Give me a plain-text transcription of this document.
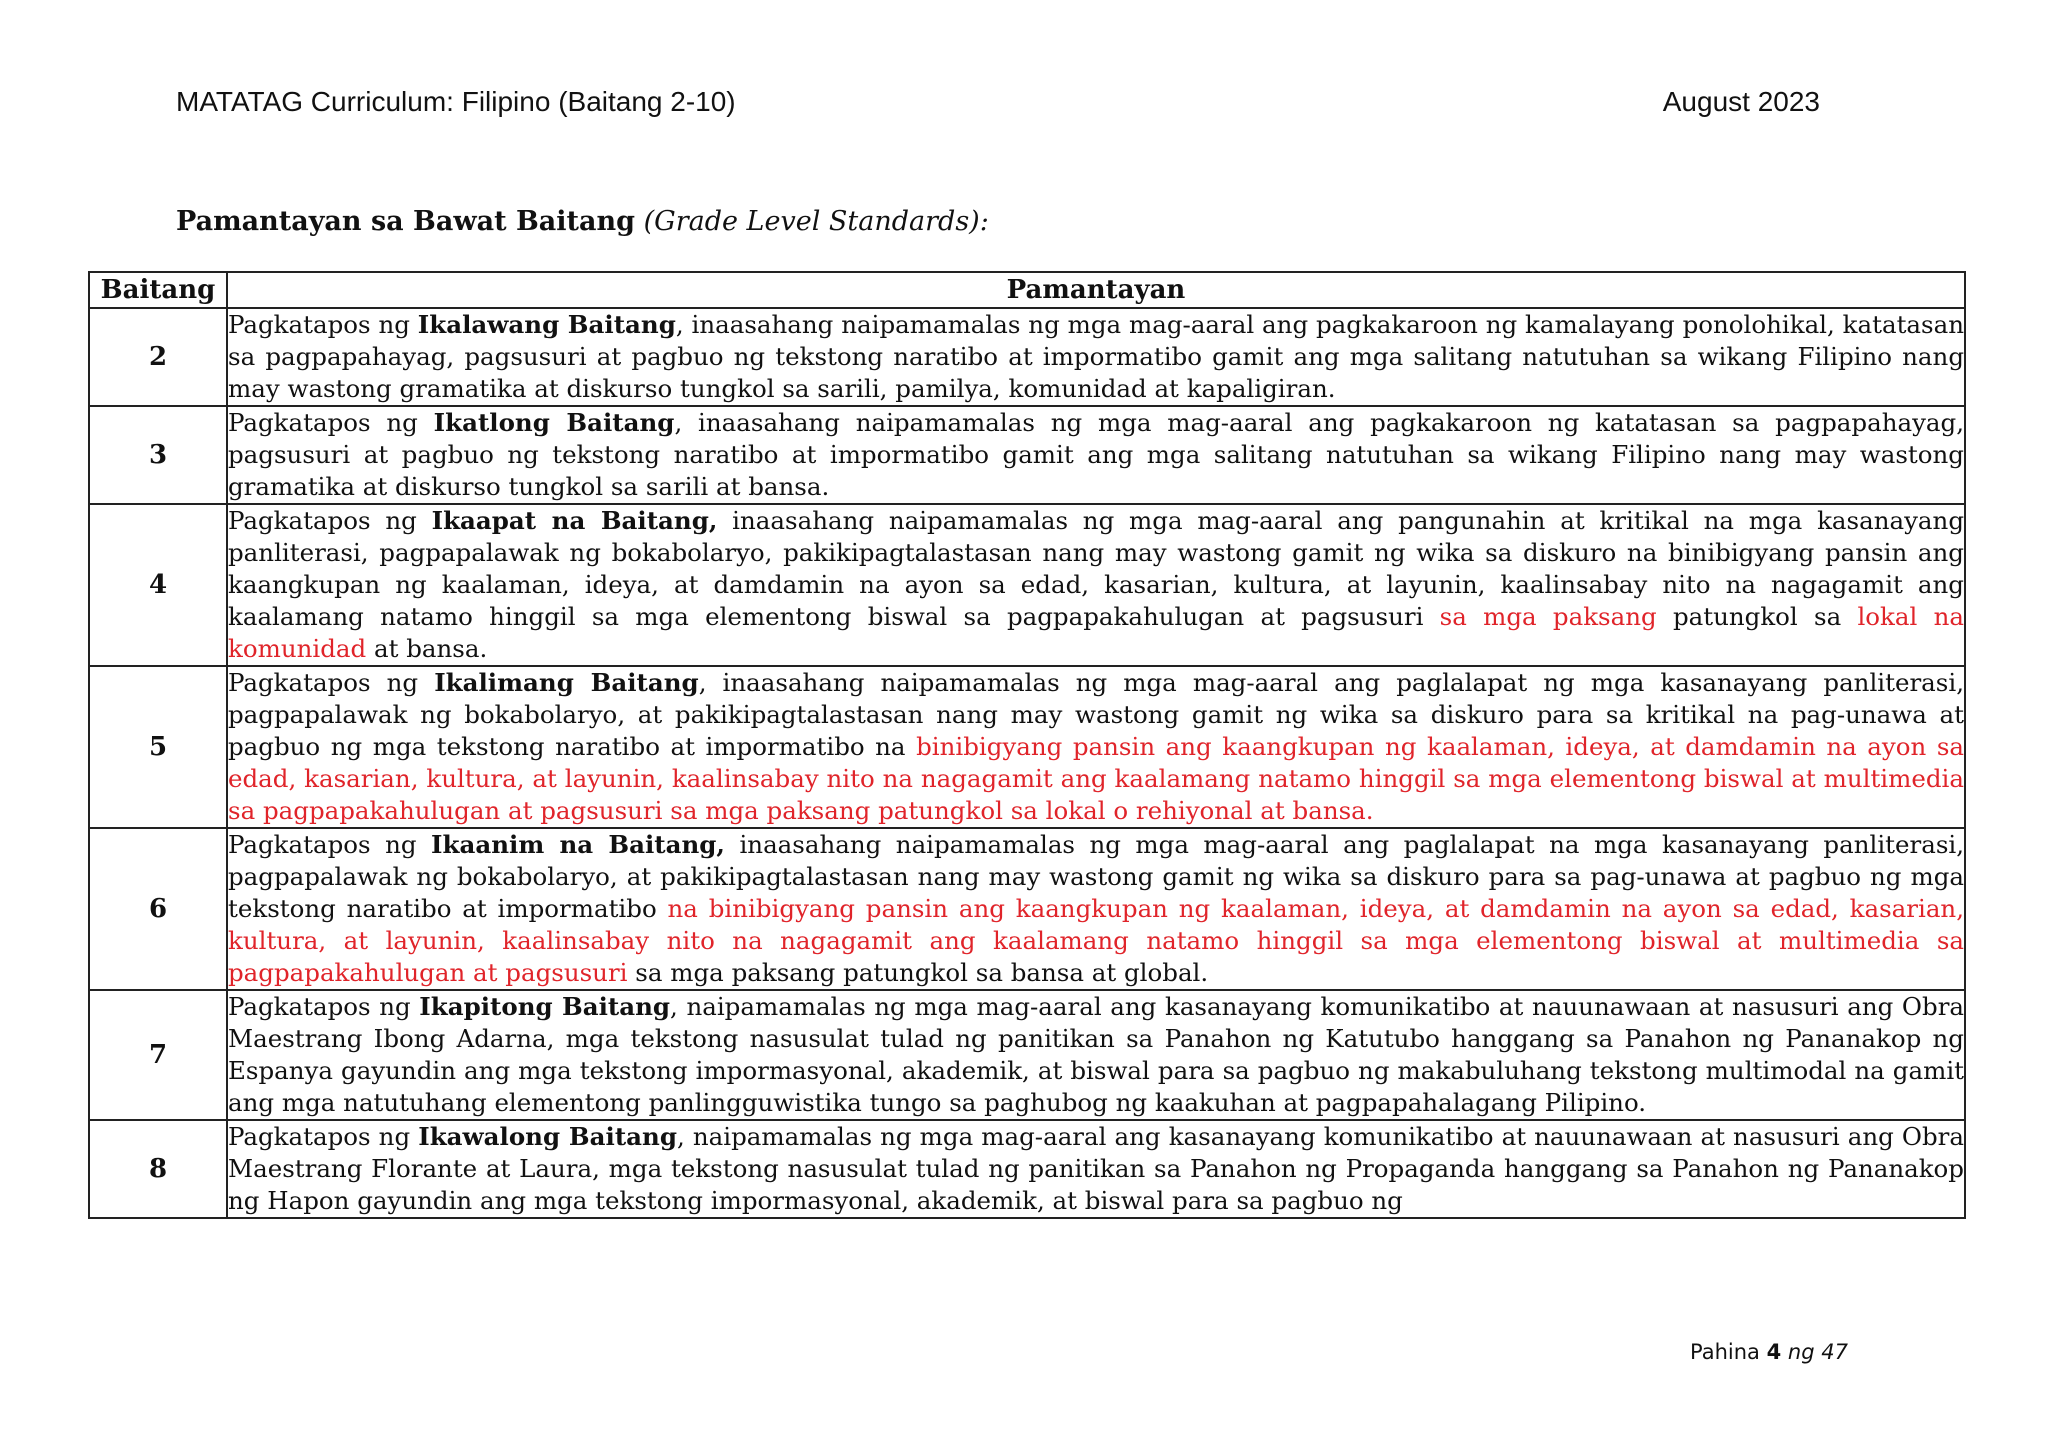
MATATAG Curriculum: Filipino (Baitang 2-10)	August 2023
Pamantayan sa Bawat Baitang (Grade Level Standards):
Baitang	Pamantayan
2	Pagkatapos ng Ikalawang Baitang, inaasahang naipamamalas ng mga mag-aaral ang pagkakaroon ng kamalayang ponolohikal, katatasan sa pagpapahayag, pagsusuri at pagbuo ng tekstong naratibo at impormatibo gamit ang mga salitang natutuhan sa wikang Filipino nang may wastong gramatika at diskurso tungkol sa sarili, pamilya, komunidad at kapaligiran.
3	Pagkatapos ng Ikatlong Baitang, inaasahang naipamamalas ng mga mag-aaral ang pagkakaroon ng katatasan sa pagpapahayag, pagsusuri at pagbuo ng tekstong naratibo at impormatibo gamit ang mga salitang natutuhan sa wikang Filipino nang may wastong gramatika at diskurso tungkol sa sarili at bansa.
4	Pagkatapos ng Ikaapat na Baitang, inaasahang naipamamalas ng mga mag-aaral ang pangunahin at kritikal na mga kasanayang panliterasi, pagpapalawak ng bokabolaryo, pakikipagtalastasan nang may wastong gamit ng wika sa diskuro na binibigyang pansin ang kaangkupan ng kaalaman, ideya, at damdamin na ayon sa edad, kasarian, kultura, at layunin, kaalinsabay nito na nagagamit ang kaalamang natamo hinggil sa mga elementong biswal sa pagpapakahulugan at pagsusuri sa mga paksang patungkol sa lokal na komunidad at bansa.
5	Pagkatapos ng Ikalimang Baitang, inaasahang naipamamalas ng mga mag-aaral ang paglalapat ng mga kasanayang panliterasi, pagpapalawak ng bokabolaryo, at pakikipagtalastasan nang may wastong gamit ng wika sa diskuro para sa kritikal na pag-unawa at pagbuo ng mga tekstong naratibo at impormatibo na binibigyang pansin ang kaangkupan ng kaalaman, ideya, at damdamin na ayon sa edad, kasarian, kultura, at layunin, kaalinsabay nito na nagagamit ang kaalamang natamo hinggil sa mga elementong biswal at multimedia sa pagpapakahulugan at pagsusuri sa mga paksang patungkol sa lokal o rehiyonal at bansa.
6	Pagkatapos ng Ikaanim na Baitang, inaasahang naipamamalas ng mga mag-aaral ang paglalapat na mga kasanayang panliterasi, pagpapalawak ng bokabolaryo, at pakikipagtalastasan nang may wastong gamit ng wika sa diskuro para sa pag-unawa at pagbuo ng mga tekstong naratibo at impormatibo na binibigyang pansin ang kaangkupan ng kaalaman, ideya, at damdamin na ayon sa edad, kasarian, kultura, at layunin, kaalinsabay nito na nagagamit ang kaalamang natamo hinggil sa mga elementong biswal at multimedia sa pagpapakahulugan at pagsusuri sa mga paksang patungkol sa bansa at global.
7	Pagkatapos ng Ikapitong Baitang, naipamamalas ng mga mag-aaral ang kasanayang komunikatibo at nauunawaan at nasusuri ang Obra Maestrang Ibong Adarna, mga tekstong nasusulat tulad ng panitikan sa Panahon ng Katutubo hanggang sa Panahon ng Pananakop ng Espanya gayundin ang mga tekstong impormasyonal, akademik, at biswal para sa pagbuo ng makabuluhang tekstong multimodal na gamit ang mga natutuhang elementong panlingguwistika tungo sa paghubog ng kaakuhan at pagpapahalagang Pilipino.
8	Pagkatapos ng Ikawalong Baitang, naipamamalas ng mga mag-aaral ang kasanayang komunikatibo at nauunawaan at nasusuri ang Obra Maestrang Florante at Laura, mga tekstong nasusulat tulad ng panitikan sa Panahon ng Propaganda hanggang sa Panahon ng Pananakop ng Hapon gayundin ang mga tekstong impormasyonal, akademik, at biswal para sa pagbuo ng
Pahina 4 ng 47
